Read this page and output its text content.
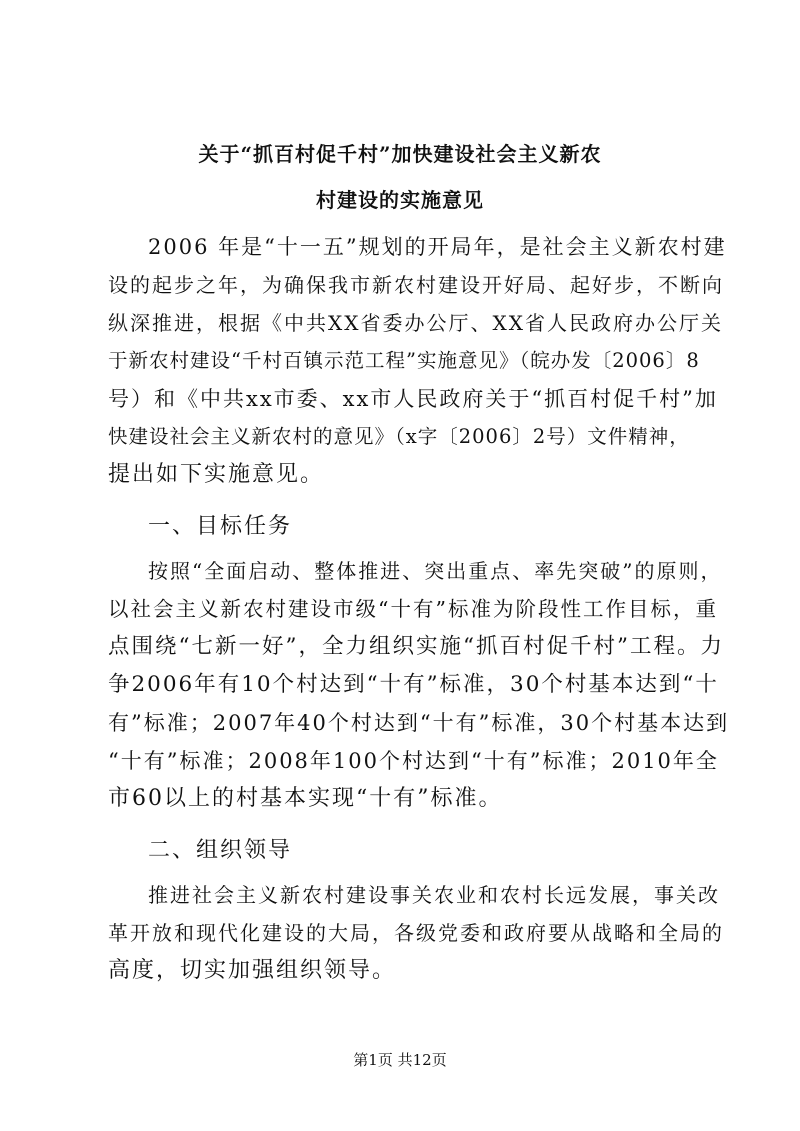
关于“抓百村促千村”加快建设社会主义新农
村建设的实施意见
2006 年是“十一五”规划的开局年，是社会主义新农村建
设的起步之年，为确保我市新农村建设开好局、起好步，不断向
纵深推进，根据《中共XX省委办公厅、XX省人民政府办公厅关
于新农村建设“千村百镇示范工程”实施意见》（皖办发〔2006〕8
号）和《中共xx市委、xx市人民政府关于“抓百村促千村”加
快建设社会主义新农村的意见》（x字〔2006〕2号）文件精神，
提出如下实施意见。
一、目标任务
按照“全面启动、整体推进、突出重点、率先突破”的原则，
以社会主义新农村建设市级“十有”标准为阶段性工作目标，重
点围绕“七新一好”，全力组织实施“抓百村促千村”工程。力
争2006年有10个村达到“十有”标准，30个村基本达到“十
有”标准；2007年40个村达到“十有”标准，30个村基本达到
“十有”标准；2008年100个村达到“十有”标准；2010年全
市60以上的村基本实现“十有”标准。
二、组织领导
推进社会主义新农村建设事关农业和农村长远发展，事关改
革开放和现代化建设的大局，各级党委和政府要从战略和全局的
高度，切实加强组织领导。
第1页 共12页
